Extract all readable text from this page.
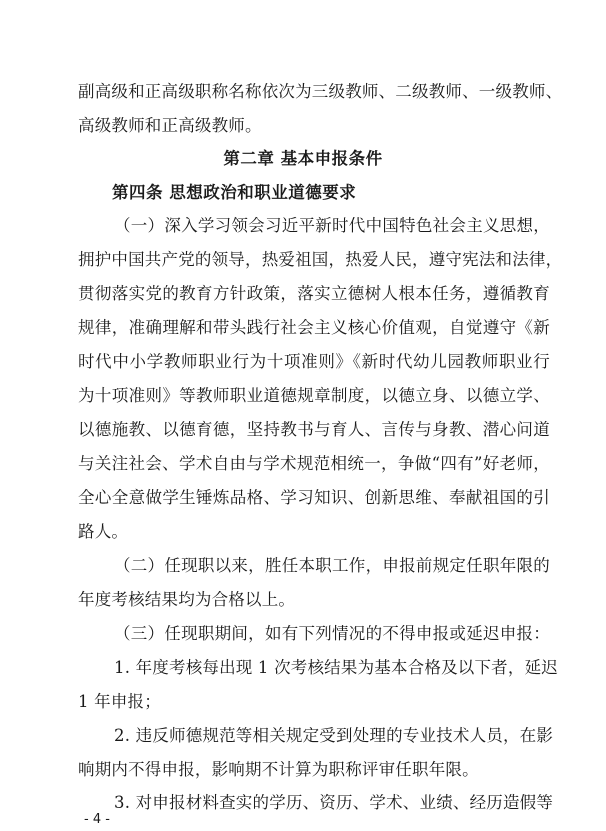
副高级和正高级职称名称依次为三级教师、二级教师、一级教师、
高级教师和正高级教师。
第二章 基本申报条件
第四条 思想政治和职业道德要求
（一）深入学习领会习近平新时代中国特色社会主义思想，
拥护中国共产党的领导，热爱祖国，热爱人民，遵守宪法和法律，
贯彻落实党的教育方针政策，落实立德树人根本任务，遵循教育
规律，准确理解和带头践行社会主义核心价值观，自觉遵守《新
时代中小学教师职业行为十项准则》《新时代幼儿园教师职业行
为十项准则》等教师职业道德规章制度，以德立身、以德立学、
以德施教、以德育德，坚持教书与育人、言传与身教、潜心问道
与关注社会、学术自由与学术规范相统一，争做“四有”好老师，
全心全意做学生锤炼品格、学习知识、创新思维、奉献祖国的引
路人。
（二）任现职以来，胜任本职工作，申报前规定任职年限的
年度考核结果均为合格以上。
（三）任现职期间，如有下列情况的不得申报或延迟申报：
1. 年度考核每出现 1 次考核结果为基本合格及以下者，延迟
1 年申报；
2. 违反师德规范等相关规定受到处理的专业技术人员，在影
响期内不得申报，影响期不计算为职称评审任职年限。
3. 对申报材料查实的学历、资历、学术、业绩、经历造假等
- 4 -
